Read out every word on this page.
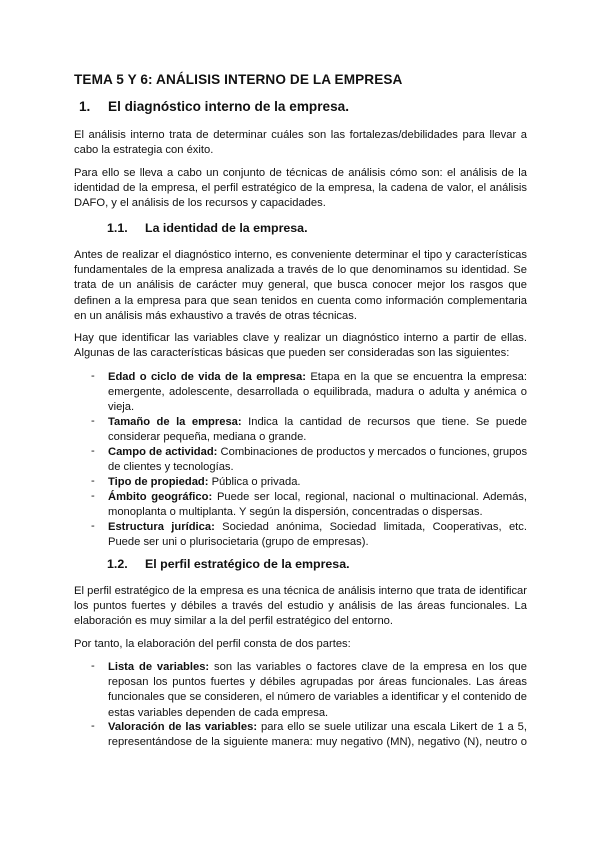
TEMA 5 Y 6: ANÁLISIS INTERNO DE LA EMPRESA

1. El diagnóstico interno de la empresa.

El análisis interno trata de determinar cuáles son las fortalezas/debilidades para llevar a
cabo la estrategia con éxito.
Para ello se lleva a cabo un conjunto de técnicas de análisis cómo son: el análisis de la
identidad de la empresa, el perfil estratégico de la empresa, la cadena de valor, el análisis
DAFO, y el análisis de los recursos y capacidades.

1.1. La identidad de la empresa.

Antes de realizar el diagnóstico interno, es conveniente determinar el tipo y características
fundamentales de la empresa analizada a través de lo que denominamos su identidad. Se
trata de un análisis de carácter muy general, que busca conocer mejor los rasgos que
definen a la empresa para que sean tenidos en cuenta como información complementaria
en un análisis más exhaustivo a través de otras técnicas.
Hay que identificar las variables clave y realizar un diagnóstico interno a partir de ellas.
Algunas de las características básicas que pueden ser consideradas son las siguientes:
- Edad o ciclo de vida de la empresa: Etapa en la que se encuentra la empresa:
emergente, adolescente, desarrollada o equilibrada, madura o adulta y anémica o
vieja.
- Tamaño de la empresa: Indica la cantidad de recursos que tiene. Se puede
considerar pequeña, mediana o grande.
- Campo de actividad: Combinaciones de productos y mercados o funciones, grupos
de clientes y tecnologías.
- Tipo de propiedad: Pública o privada.
- Ámbito geográfico: Puede ser local, regional, nacional o multinacional. Además,
monoplanta o multiplanta. Y según la dispersión, concentradas o dispersas.
- Estructura jurídica: Sociedad anónima, Sociedad limitada, Cooperativas, etc.
Puede ser uni o plurisocietaria (grupo de empresas).

1.2. El perfil estratégico de la empresa.

El perfil estratégico de la empresa es una técnica de análisis interno que trata de identificar
los puntos fuertes y débiles a través del estudio y análisis de las áreas funcionales. La
elaboración es muy similar a la del perfil estratégico del entorno.
Por tanto, la elaboración del perfil consta de dos partes:
- Lista de variables: son las variables o factores clave de la empresa en los que
reposan los puntos fuertes y débiles agrupadas por áreas funcionales. Las áreas
funcionales que se consideren, el número de variables a identificar y el contenido de
estas variables dependen de cada empresa.
- Valoración de las variables: para ello se suele utilizar una escala Likert de 1 a 5,
representándose de la siguiente manera: muy negativo (MN), negativo (N), neutro o
